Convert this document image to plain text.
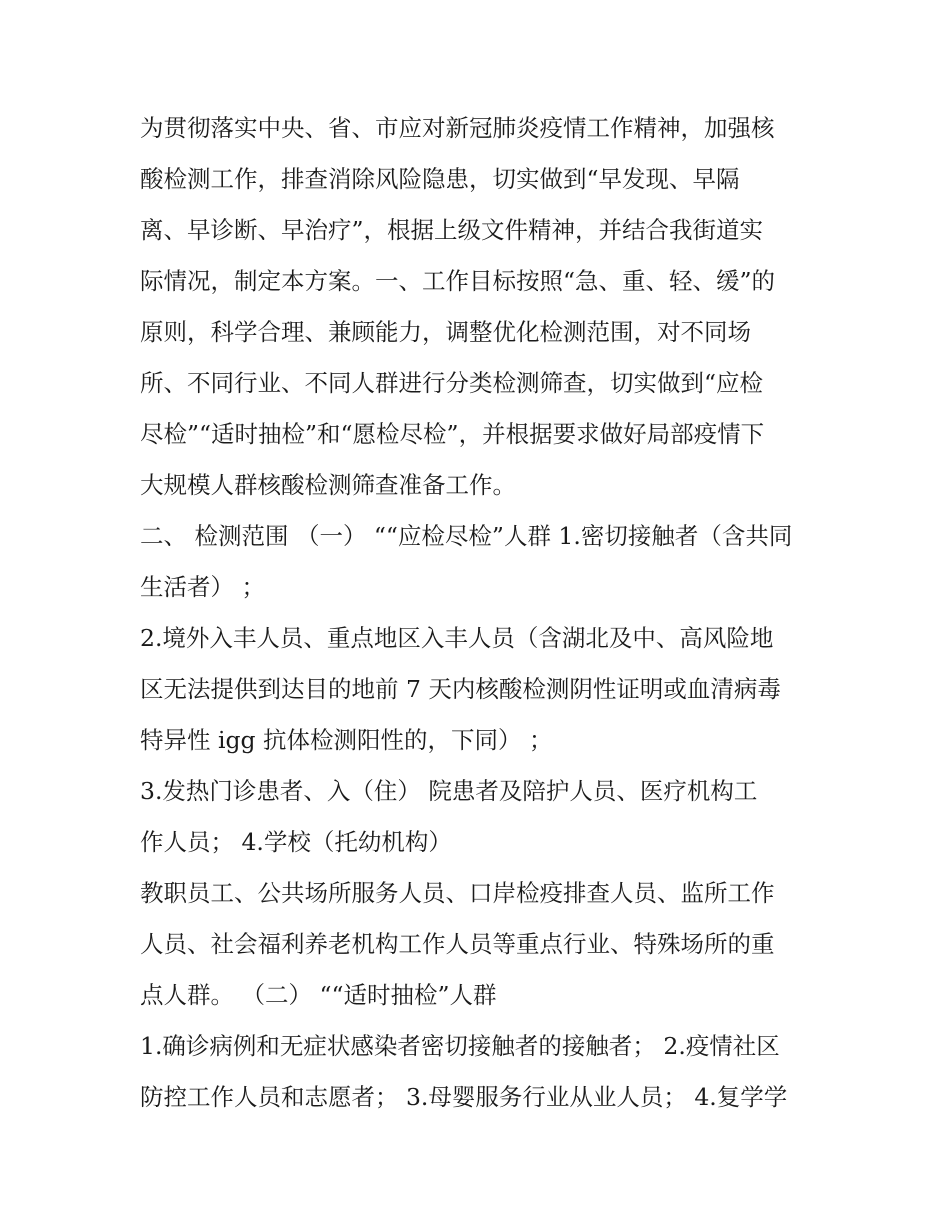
为贯彻落实中央、省、市应对新冠肺炎疫情工作精神，加强核
酸检测工作，排查消除风险隐患，切实做到“早发现、早隔
离、早诊断、早治疗”，根据上级文件精神，并结合我街道实
际情况，制定本方案。一、工作目标按照“急、重、轻、缓”的
原则，科学合理、兼顾能力，调整优化检测范围，对不同场
所、不同行业、不同人群进行分类检测筛查，切实做到“应检
尽检”“适时抽检”和“愿检尽检”，并根据要求做好局部疫情下
大规模人群核酸检测筛查准备工作。
二、 检测范围 （一） ““应检尽检”人群 1.密切接触者（含共同
生活者） ；
2.境外入丰人员、重点地区入丰人员（含湖北及中、高风险地
区无法提供到达目的地前 7 天内核酸检测阴性证明或血清病毒
特异性 igg 抗体检测阳性的，下同） ；
3.发热门诊患者、入（住） 院患者及陪护人员、医疗机构工
作人员； 4.学校（托幼机构）
教职员工、公共场所服务人员、口岸检疫排查人员、监所工作
人员、社会福利养老机构工作人员等重点行业、特殊场所的重
点人群。 （二） ““适时抽检”人群
1.确诊病例和无症状感染者密切接触者的接触者； 2.疫情社区
防控工作人员和志愿者； 3.母婴服务行业从业人员； 4.复学学
